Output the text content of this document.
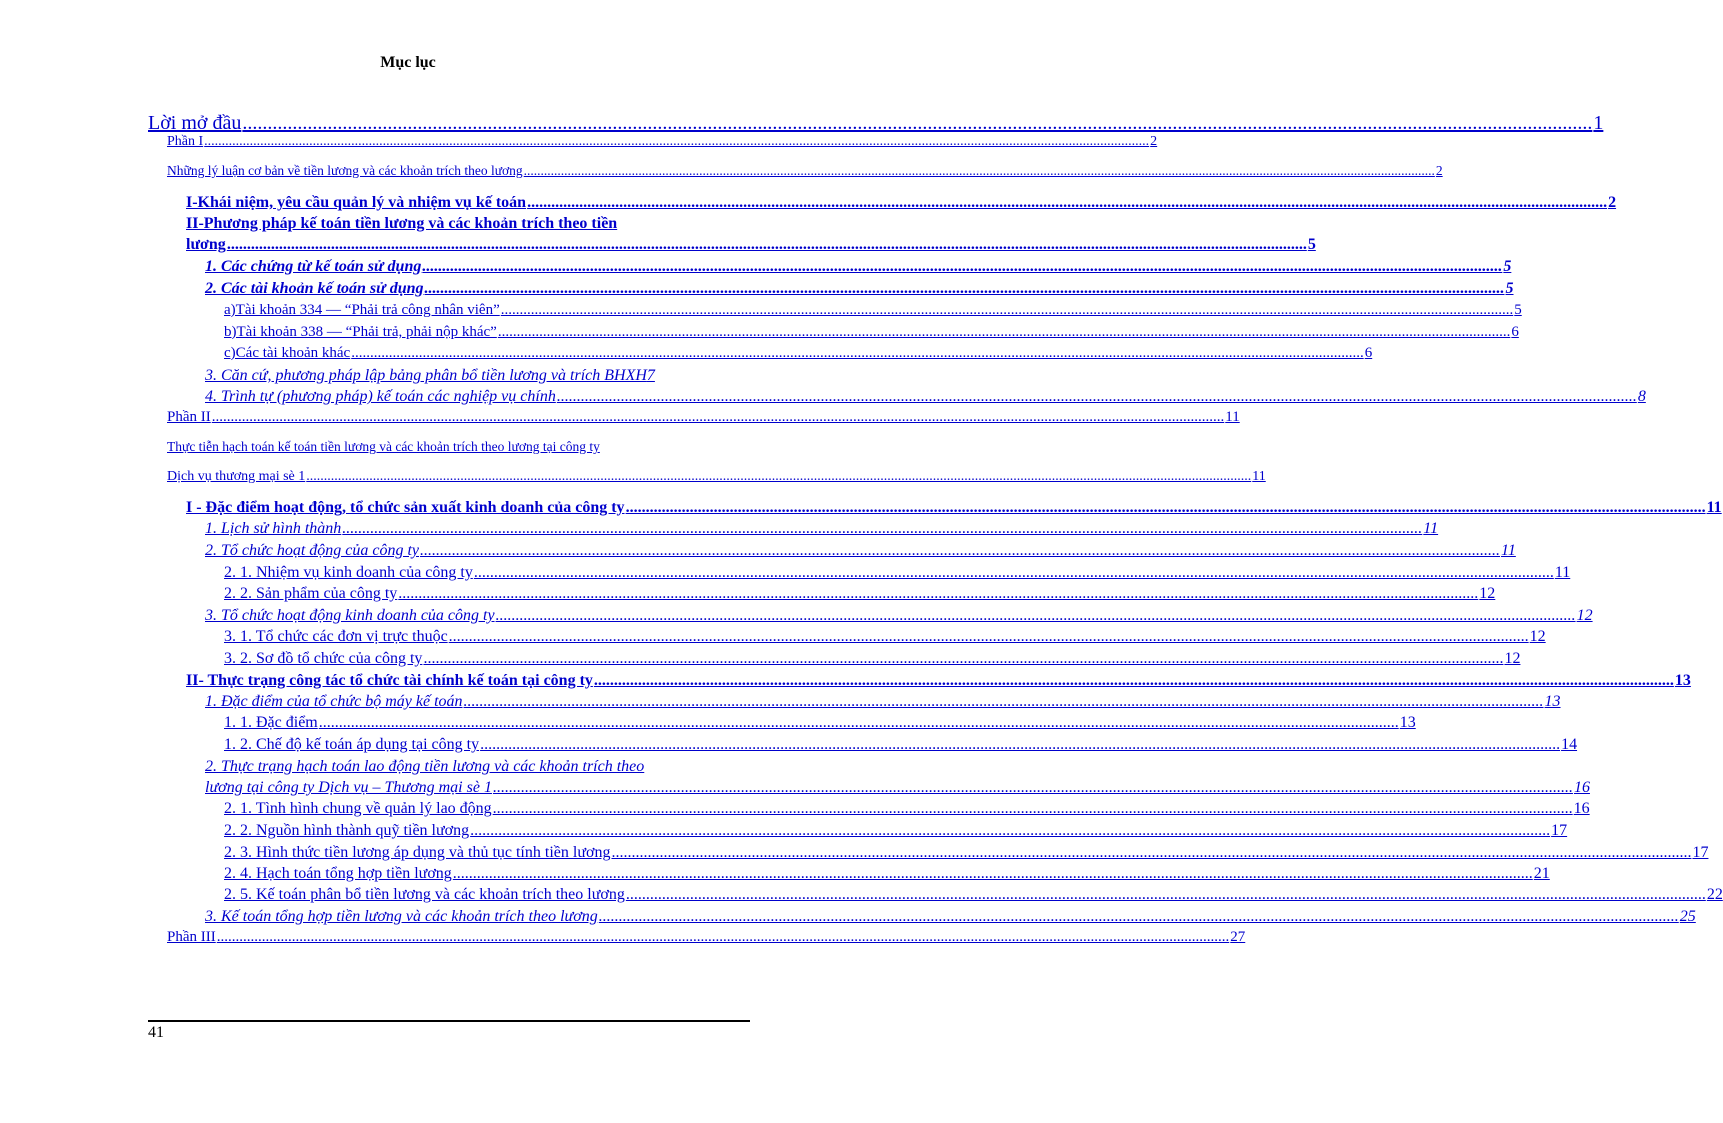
Mục lục
Lời mở đầu .............................................................................................................................................................................................................................................................................. 1
Phần I .............................................................................................................................................................................................................................................................................. 2
Những lý luận cơ bản về tiền lương và các khoản trích theo lương .............................................................................................................................................................................................................................................................................. 2
I-Khái niệm, yêu cầu quản lý và nhiệm vụ kế toán .............................................................................................................................................................................................................................................................................. 2
II-Phương pháp kế toán tiền lương và các khoản trích theo tiền
lương .............................................................................................................................................................................................................................................................................. 5
1. Các chứng từ kế toán sử dụng .............................................................................................................................................................................................................................................................................. 5
2. Các tài khoản kế toán sử dụng .............................................................................................................................................................................................................................................................................. 5
a)Tài khoản 334 — “Phải trả công nhân viên” .............................................................................................................................................................................................................................................................................. 5
b)Tài khoản 338 — “Phải trả, phải nộp khác” .............................................................................................................................................................................................................................................................................. 6
c)Các tài khoản khác .............................................................................................................................................................................................................................................................................. 6
3. Căn cứ, phương pháp lập bảng phân bổ tiền lương và trích BHXH 7
4. Trình tự (phương pháp) kế toán các nghiệp vụ chính .............................................................................................................................................................................................................................................................................. 8
Phần II .............................................................................................................................................................................................................................................................................. 11
Thực tiễn hạch toán kế toán tiền lương và các khoản trích theo lương tại công ty
Dịch vụ thương mại sè 1 .............................................................................................................................................................................................................................................................................. 11
I - Đặc điểm hoạt động, tổ chức sản xuất kinh doanh của công ty .............................................................................................................................................................................................................................................................................. 11
1. Lịch sử hình thành .............................................................................................................................................................................................................................................................................. 11
2. Tổ chức hoạt động của công ty .............................................................................................................................................................................................................................................................................. 11
2. 1. Nhiệm vụ kinh doanh của công ty .............................................................................................................................................................................................................................................................................. 11
2. 2. Sản phẩm của công ty .............................................................................................................................................................................................................................................................................. 12
3. Tổ chức hoạt động kinh doanh của công ty .............................................................................................................................................................................................................................................................................. 12
3. 1. Tổ chức các đơn vị trực thuộc .............................................................................................................................................................................................................................................................................. 12
3. 2. Sơ đồ tổ chức của công ty .............................................................................................................................................................................................................................................................................. 12
II- Thực trạng công tác tổ chức tài chính kế toán tại công ty .............................................................................................................................................................................................................................................................................. 13
1. Đặc điểm của tổ chức bộ máy kế toán .............................................................................................................................................................................................................................................................................. 13
1. 1. Đặc điểm .............................................................................................................................................................................................................................................................................. 13
1. 2. Chế độ kế toán áp dụng tại công ty .............................................................................................................................................................................................................................................................................. 14
2. Thực trạng hạch toán lao động tiền lương và các khoản trích theo
lương tại công ty Dịch vụ – Thương mại sè 1 .............................................................................................................................................................................................................................................................................. 16
2. 1. Tình hình chung về quản lý lao động .............................................................................................................................................................................................................................................................................. 16
2. 2. Nguồn hình thành quỹ tiền lương .............................................................................................................................................................................................................................................................................. 17
2. 3. Hình thức tiền lương áp dụng và thủ tục tính tiền lương .............................................................................................................................................................................................................................................................................. 17
2. 4. Hạch toán tổng hợp tiền lương .............................................................................................................................................................................................................................................................................. 21
2. 5. Kế toán phân bổ tiền lương và các khoản trích theo lương .............................................................................................................................................................................................................................................................................. 22
3. Kế toán tổng hợp tiền lương và các khoản trích theo lương .............................................................................................................................................................................................................................................................................. 25
Phần III .............................................................................................................................................................................................................................................................................. 27
41
